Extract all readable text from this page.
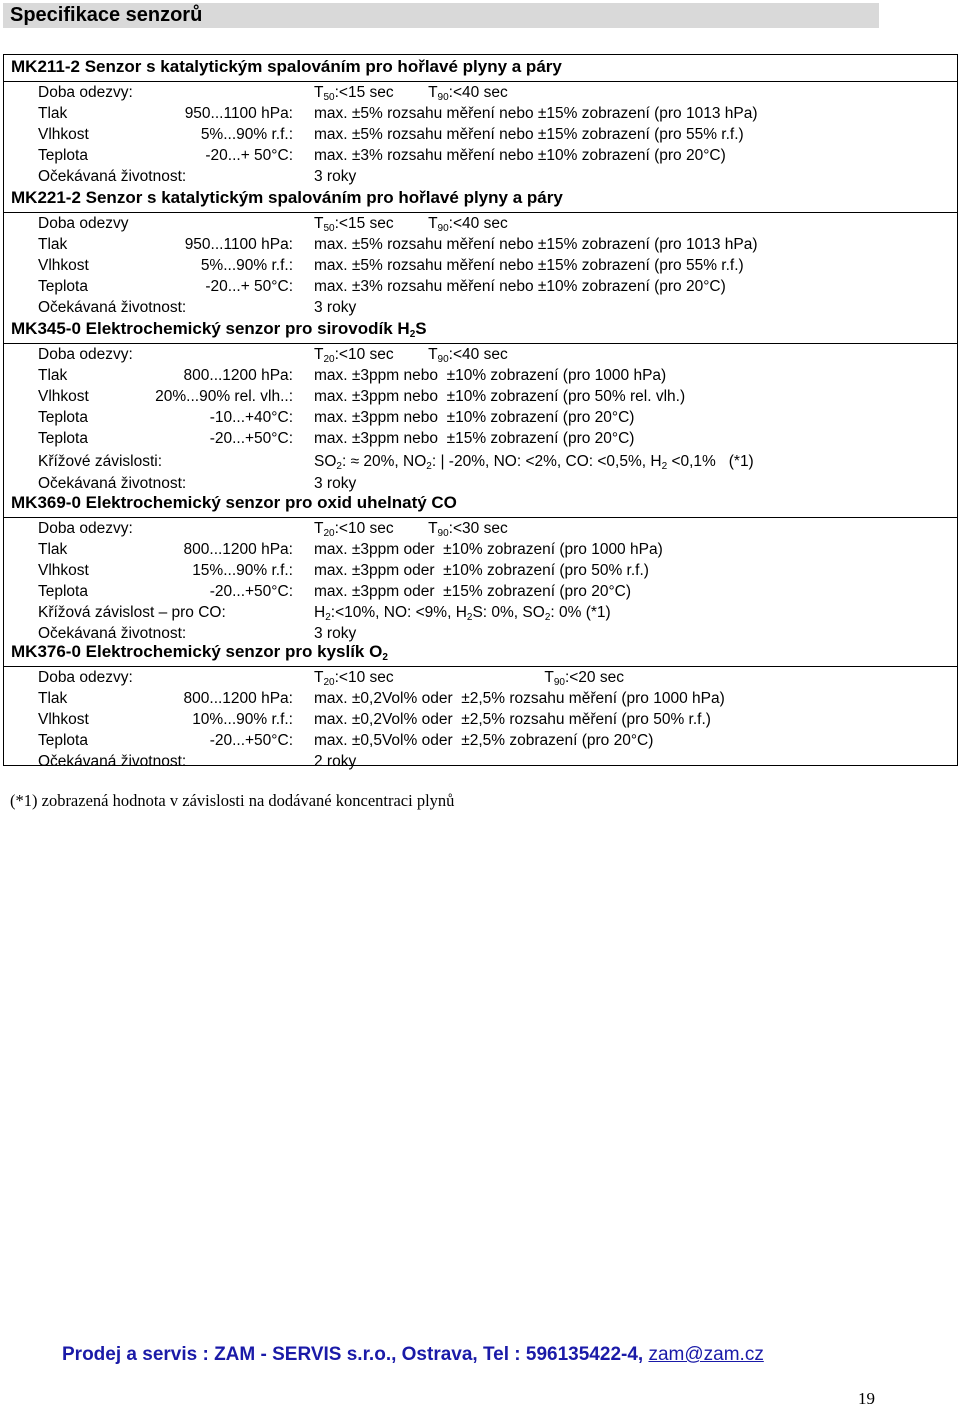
Specifikace senzorů
MK211-2 Senzor s katalytickým spalováním pro hořlavé plyny a páry
Doba odezvy:	$T_{50}:<15$ sec        $T_{90}:<40$ sec
Tlak	950...1100 hPa: max. ±5% rozsahu měření nebo ±15% zobrazení (pro 1013 hPa)
Vlhkost	5%...90% r.f.: max. ±5% rozsahu měření nebo ±15% zobrazení (pro 55% r.f.)
Teplota	-20...+ 50°C: max. ±3% rozsahu měření nebo ±10% zobrazení (pro 20°C)
Očekávaná životnost:	3 roky
MK221-2 Senzor s katalytickým spalováním pro hořlavé plyny a páry
Doba odezvy	$T_{50}:<15$ sec        $T_{90}:<40$ sec
Tlak	950...1100 hPa: max. ±5% rozsahu měření nebo ±15% zobrazení (pro 1013 hPa)
Vlhkost	5%...90% r.f.: max. ±5% rozsahu měření nebo ±15% zobrazení (pro 55% r.f.)
Teplota	-20...+ 50°C: max. ±3% rozsahu měření nebo ±10% zobrazení (pro 20°C)
Očekávaná životnost:	3 roky
MK345-0 Elektrochemický senzor pro sirovodík $H_2S$
Doba odezvy:	$T_{20}:<10$ sec        $T_{90}:<40$ sec
Tlak	800...1200 hPa: max. ±3ppm nebo  ±10% zobrazení (pro 1000 hPa)
Vlhkost	20%...90% rel. vlh..: max. ±3ppm nebo  ±10% zobrazení (pro 50% rel. vlh.)
Teplota	-10...+40°C: max. ±3ppm nebo  ±10% zobrazení (pro 20°C)
Teplota	-20...+50°C: max. ±3ppm nebo  ±15% zobrazení (pro 20°C)
Křížové závislosti:	$SO_2$: ≈ 20%, $NO_2$: | -20%, NO: <2%, CO: <0,5%, $H_2 <0,1\%$   (*1)
Očekávaná životnost:	3 roky
MK369-0 Elektrochemický senzor pro oxid uhelnatý CO
Doba odezvy:	$T_{20}:<10$ sec        $T_{90}:<30$ sec
Tlak	800...1200 hPa: max. ±3ppm oder  ±10% zobrazení (pro 1000 hPa)
Vlhkost	15%...90% r.f.: max. ±3ppm oder  ±10% zobrazení (pro 50% r.f.)
Teplota	-20...+50°C: max. ±3ppm oder  ±15% zobrazení (pro 20°C)
Křížová závislost – pro CO:	$H_2:<10\%$, NO: <9%, $H_2S$: 0%, $SO_2$: 0% (*1)
Očekávaná životnost:	3 roky
MK376-0 Elektrochemický senzor pro kyslík $O_2$
Doba odezvy:	$T_{20}:<10$ sec                                   $T_{90}:<20$ sec
Tlak	800...1200 hPa: max. ±0,2Vol% oder  ±2,5% rozsahu měření (pro 1000 hPa)
Vlhkost	10%...90% r.f.: max. ±0,2Vol% oder  ±2,5% rozsahu měření (pro 50% r.f.)
Teplota	-20...+50°C: max. ±0,5Vol% oder  ±2,5% zobrazení (pro 20°C)
Očekávaná životnost:	2 roky
(*1) zobrazená hodnota v závislosti na dodávané koncentraci plynů
Prodej a servis : ZAM - SERVIS s.r.o., Ostrava, Tel : 596135422-4, zam@zam.cz
19
